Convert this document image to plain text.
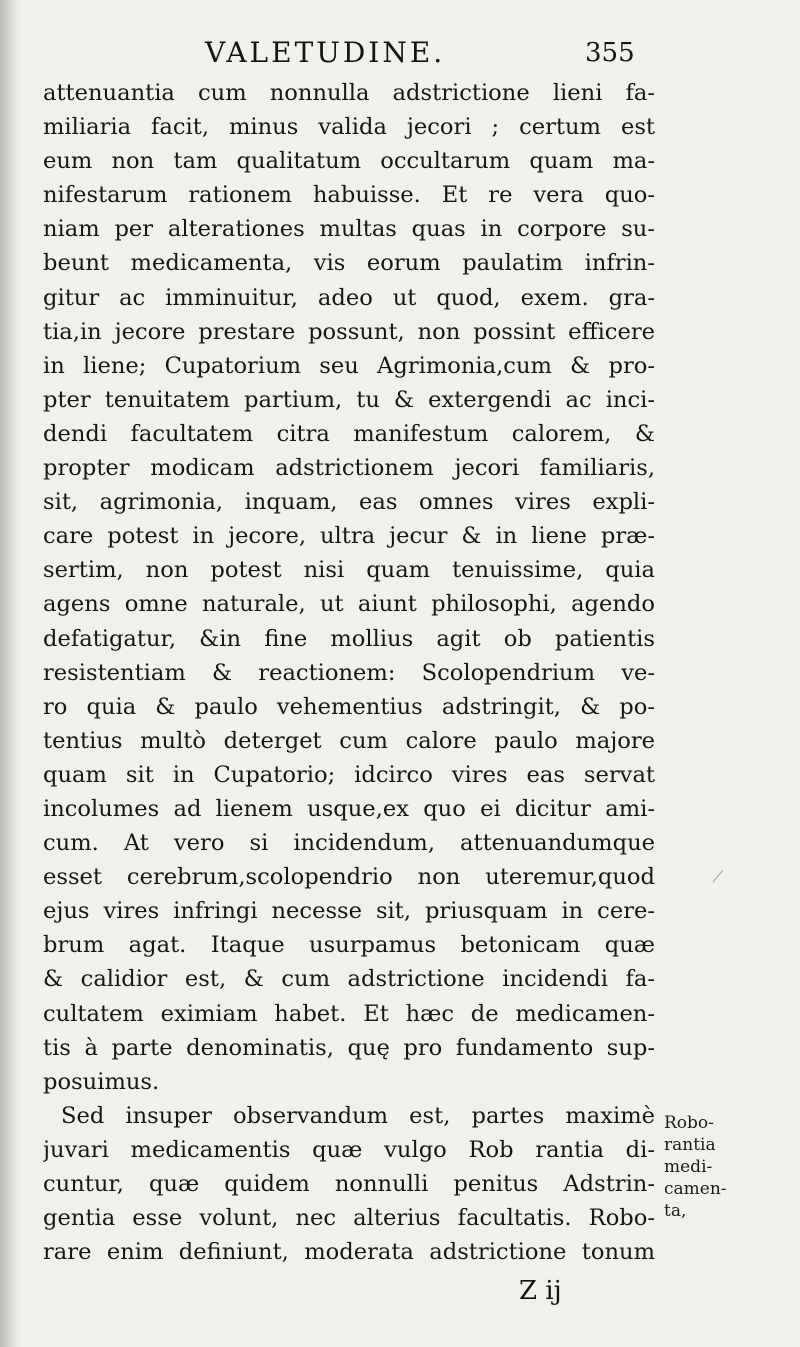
VALETUDINE.	355
attenuantia cum nonnulla adstrictione lieni fa-
miliaria facit, minus valida jecori ; certum est
eum non tam qualitatum occultarum quam ma-
nifestarum rationem habuisse. Et re vera quo-
niam per alterationes multas quas in corpore su-
beunt medicamenta, vis eorum paulatim infrin-
gitur ac imminuitur, adeo ut quod, exem. gra-
tia,in jecore prestare possunt, non possint efficere
in liene; Cupatorium seu Agrimonia,cum & pro-
pter tenuitatem partium, tu & extergendi ac inci-
dendi facultatem citra manifestum calorem, &
propter modicam adstrictionem jecori familiaris,
sit, agrimonia, inquam, eas omnes vires expli-
care potest in jecore, ultra jecur & in liene præ-
sertim, non potest nisi quam tenuissime, quia
agens omne naturale, ut aiunt philosophi, agendo
defatigatur, &in fine mollius agit ob patientis
resistentiam & reactionem: Scolopendrium ve-
ro quia & paulo vehementius adstringit, & po-
tentius multò deterget cum calore paulo majore
quam sit in Cupatorio; idcirco vires eas servat
incolumes ad lienem usque,ex quo ei dicitur ami-
cum. At vero si incidendum, attenuandumque
esset cerebrum,scolopendrio non uteremur,quod
ejus vires infringi necesse sit, priusquam in cere-
brum agat. Itaque usurpamus betonicam quæ
& calidior est, & cum adstrictione incidendi fa-
cultatem eximiam habet. Et hæc de medicamen-
tis à parte denominatis, quę pro fundamento sup-
posuimus.
Sed insuper observandum est, partes maximè
juvari medicamentis quæ vulgo Rob rantia di-
cuntur, quæ quidem nonnulli penitus Adstrin-
gentia esse volunt, nec alterius facultatis. Robo-
rare enim definiunt, moderata adstrictione tonum
Robo-
rantia
medi-
camen-
ta,
Z ij
